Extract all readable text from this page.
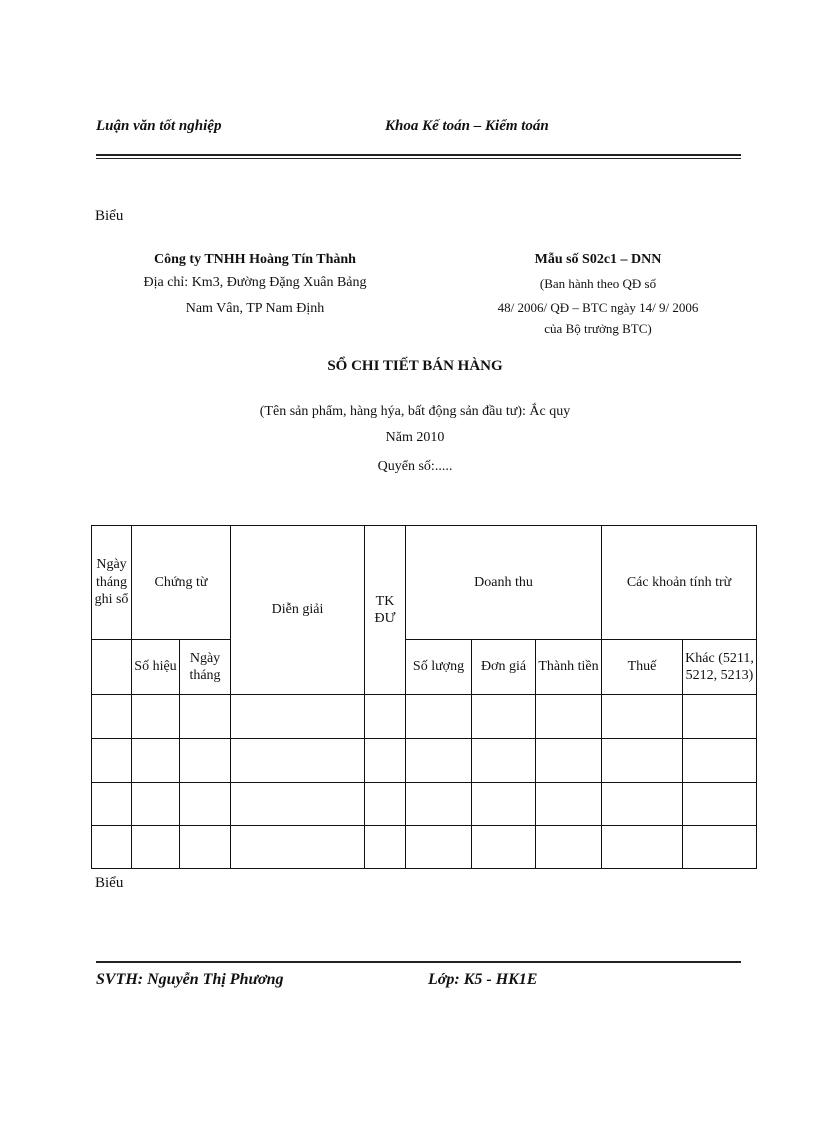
Luận văn tốt nghiệp	Khoa Kế toán – Kiểm toán
Biểu
Công ty TNHH Hoàng Tín Thành
Địa chỉ: Km3, Đường Đặng Xuân Bảng
Nam Vân, TP Nam Định
Mẫu số S02c1 – DNN
(Ban hành theo QĐ số
48/ 2006/ QĐ – BTC ngày 14/ 9/ 2006
của Bộ trưởng BTC)
SỔ CHI TIẾT BÁN HÀNG
(Tên sản phẩm, hàng hýa, bất động sản đầu tư): Ắc quy
Năm 2010
Quyển số:.....
Ngày tháng ghi sổ	Chứng từ		Diễn giải	TK ĐƯ	Doanh thu			Các khoản tính trừ	
	Số hiệu	Ngày tháng			Số lượng	Đơn giá	Thành tiền	Thuế	Khác (5211, 5212, 5213)

Biểu
SVTH: Nguyễn Thị Phương	Lớp: K5 - HK1E
